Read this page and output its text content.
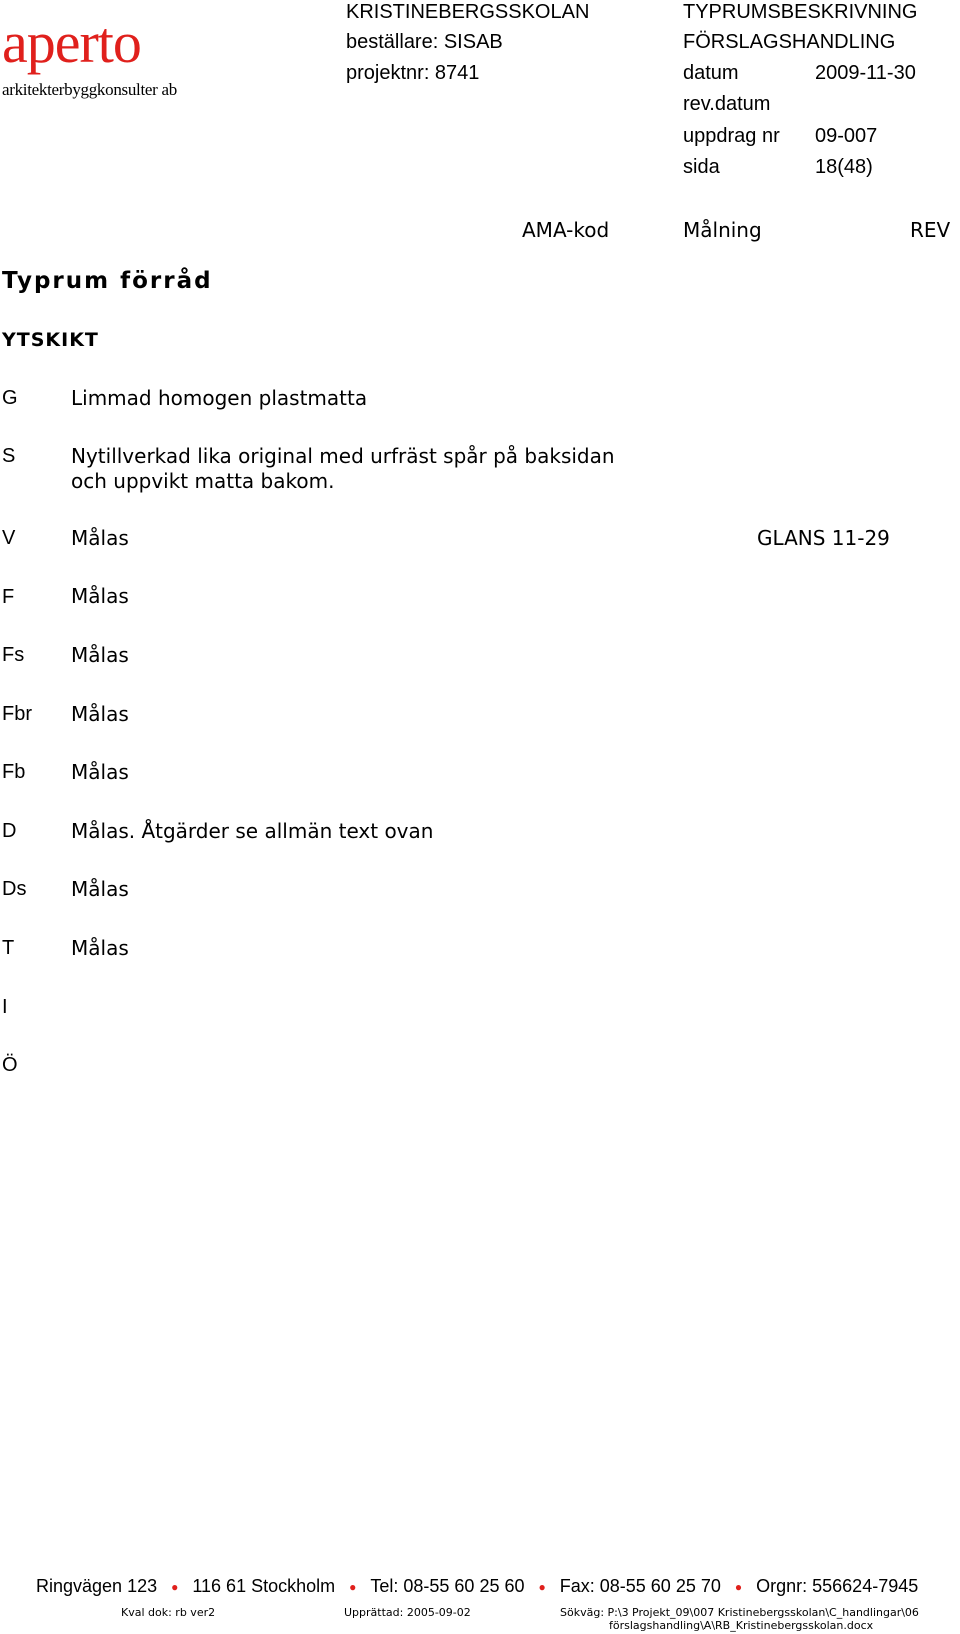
aperto
arkitekterbyggkonsulter ab
KRISTINEBERGSSKOLAN
beställare: SISAB
projektnr: 8741
TYPRUMSBESKRIVNING
FÖRSLAGSHANDLING
datum	2009-11-30
rev.datum
uppdrag nr 09-007
sida	18(48)
AMA-kod	Målning	REV
Typrum förråd
YTSKIKT
G	Limmad homogen plastmatta
S	Nytillverkad lika original med urfräst spår på baksidan
och uppvikt matta bakom.
V	Målas	GLANS 11-29
F	Målas
Fs Målas
Fbr Målas
Fb Målas
D	Målas. Åtgärder se allmän text ovan
Ds Målas
T	Målas
I
Ö
Ringvägen 123 ● 116 61 Stockholm ● Tel: 08-55 60 25 60 ● Fax: 08-55 60 25 70 ● Orgnr: 556624-7945
Kval dok: rb ver2	Upprättad: 2005-09-02	Sökväg: P:\3 Projekt_09\007 Kristinebergsskolan\C_handlingar\06
förslagshandling\A\RB_Kristinebergsskolan.docx
